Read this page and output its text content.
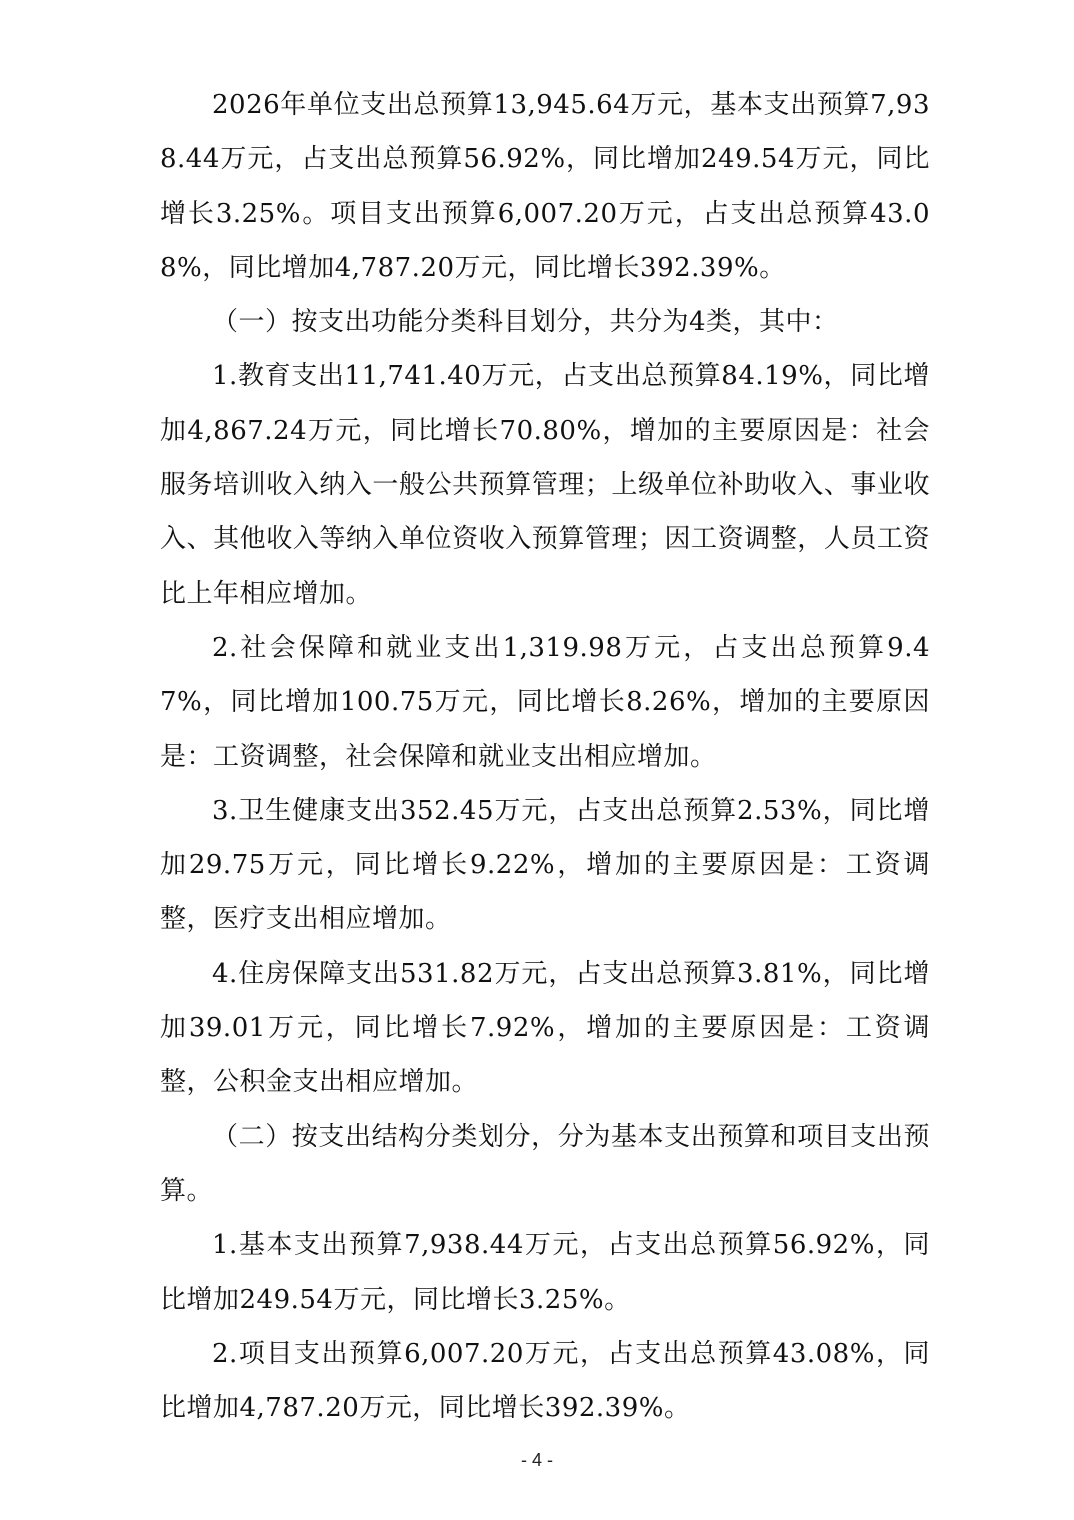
2026年单位支出总预算13,945.64万元，基本支出预算7,938.44万元，占支出总预算56.92%，同比增加249.54万元，同比增长3.25%。项目支出预算6,007.20万元，占支出总预算43.08%，同比增加4,787.20万元，同比增长392.39%。

（一）按支出功能分类科目划分，共分为4类，其中：

1.教育支出11,741.40万元，占支出总预算84.19%，同比增加4,867.24万元，同比增长70.80%，增加的主要原因是：社会服务培训收入纳入一般公共预算管理；上级单位补助收入、事业收入、其他收入等纳入单位资收入预算管理；因工资调整，人员工资比上年相应增加。

2.社会保障和就业支出1,319.98万元，占支出总预算9.47%，同比增加100.75万元，同比增长8.26%，增加的主要原因是：工资调整，社会保障和就业支出相应增加。

3.卫生健康支出352.45万元，占支出总预算2.53%，同比增加29.75万元，同比增长9.22%，增加的主要原因是：工资调整，医疗支出相应增加。

4.住房保障支出531.82万元，占支出总预算3.81%，同比增加39.01万元，同比增长7.92%，增加的主要原因是：工资调整，公积金支出相应增加。

（二）按支出结构分类划分，分为基本支出预算和项目支出预算。

1.基本支出预算7,938.44万元，占支出总预算56.92%，同比增加249.54万元，同比增长3.25%。

2.项目支出预算6,007.20万元，占支出总预算43.08%，同比增加4,787.20万元，同比增长392.39%。

- 4 -
